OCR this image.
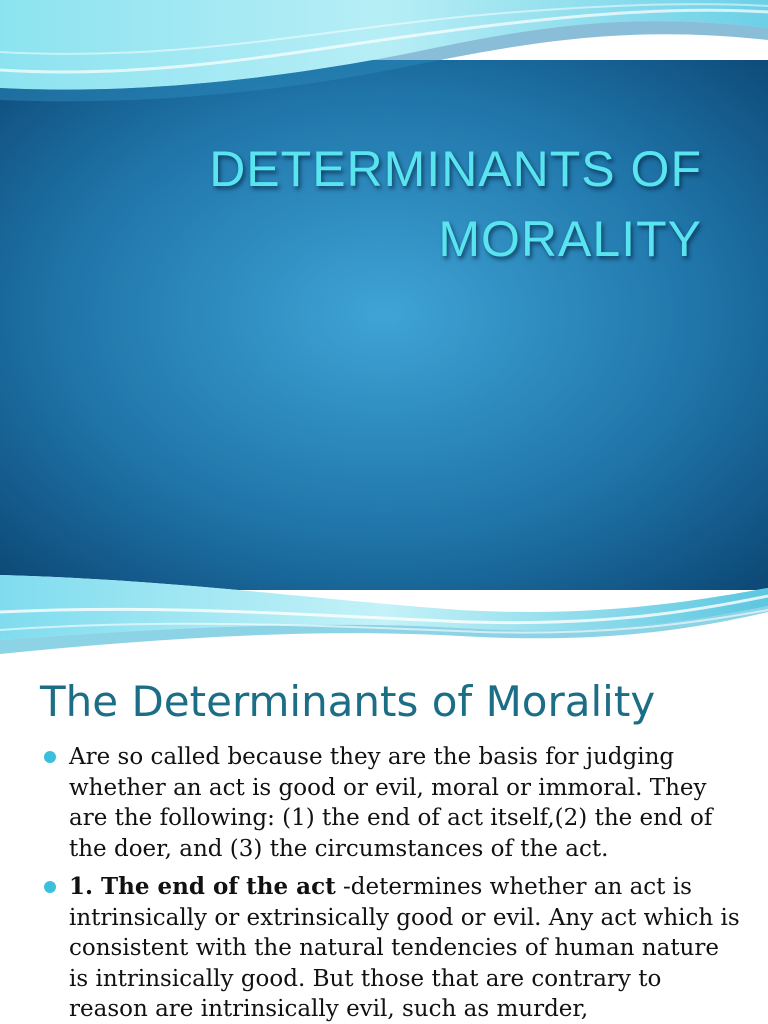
DETERMINANTS OF
MORALITY
The Determinants of Morality
Are so called because they are the basis for judging whether an act is good or evil, moral or immoral. They are the following: (1) the end of act itself,(2) the end of the doer, and (3) the circumstances of the act.
1. The end of the act -determines whether an act is intrinsically or extrinsically good or evil. Any act which is consistent with the natural tendencies of human nature is intrinsically good. But those that are contrary to reason are intrinsically evil, such as murder,
